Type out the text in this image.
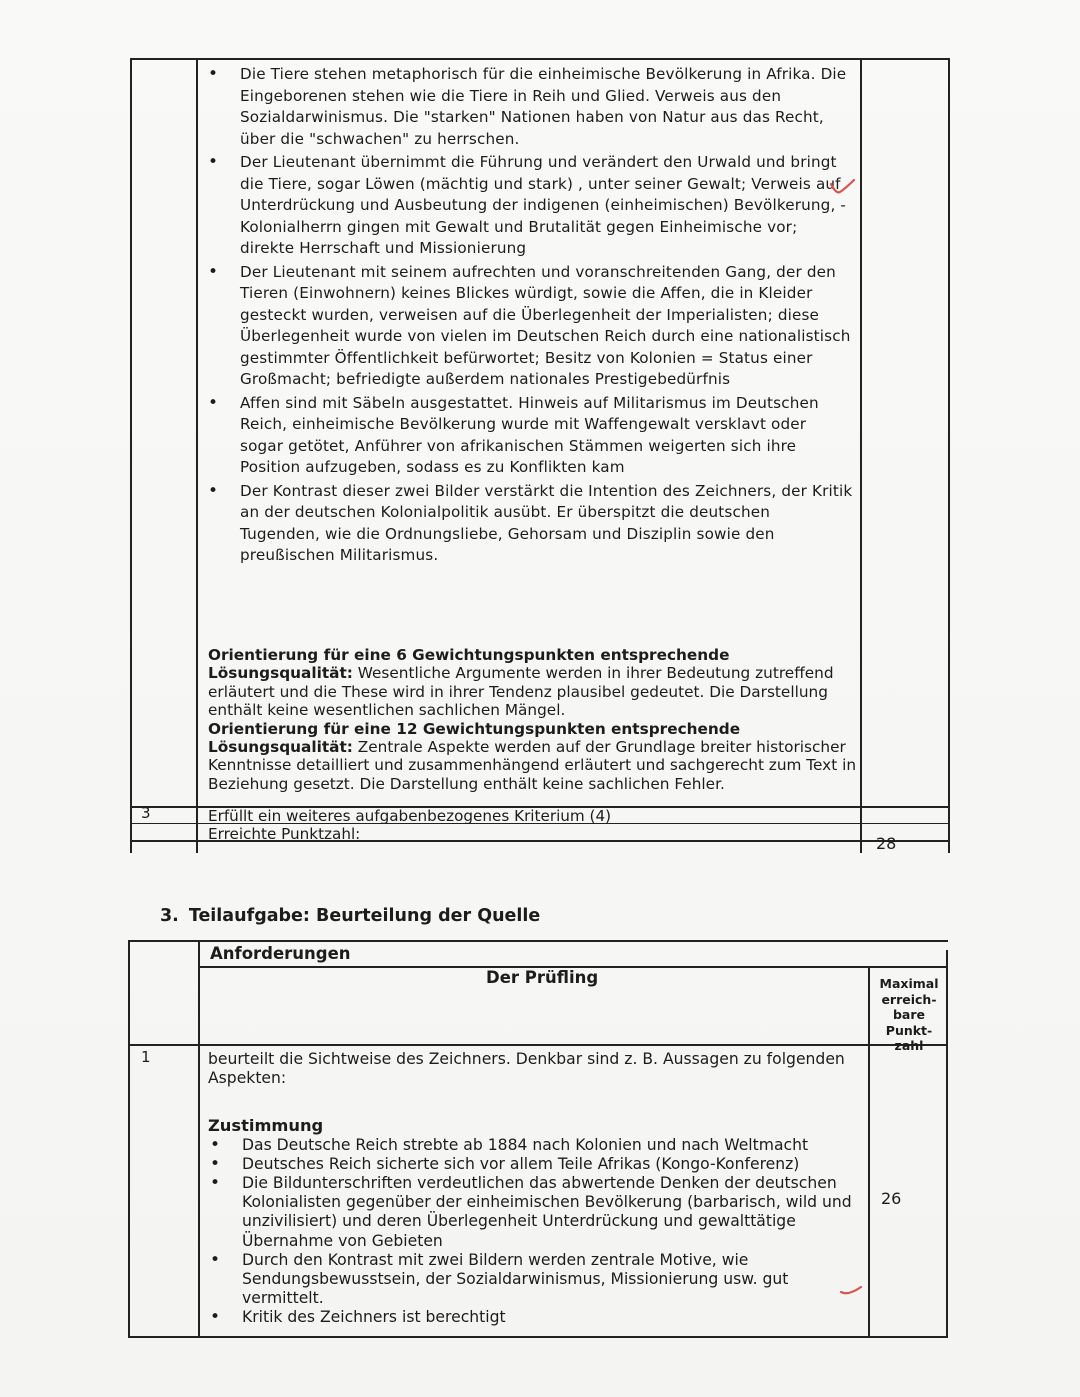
• Die Tiere stehen metaphorisch für die einheimische Bevölkerung in Afrika. Die Eingeborenen stehen wie die Tiere in Reih und Glied. Verweis aus den Sozialdarwinismus. Die "starken" Nationen haben von Natur aus das Recht, über die "schwachen" zu herrschen.
• Der Lieutenant übernimmt die Führung und verändert den Urwald und bringt die Tiere, sogar Löwen (mächtig und stark) , unter seiner Gewalt; Verweis auf Unterdrückung und Ausbeutung der indigenen (einheimischen) Bevölkerung, - Kolonialherrn gingen mit Gewalt und Brutalität gegen Einheimische vor; direkte Herrschaft und Missionierung
• Der Lieutenant mit seinem aufrechten und voranschreitenden Gang, der den Tieren (Einwohnern) keines Blickes würdigt, sowie die Affen, die in Kleider gesteckt wurden, verweisen auf die Überlegenheit der Imperialisten; diese Überlegenheit wurde von vielen im Deutschen Reich durch eine nationalistisch gestimmter Öffentlichkeit befürwortet; Besitz von Kolonien = Status einer Großmacht; befriedigte außerdem nationales Prestigebedürfnis
• Affen sind mit Säbeln ausgestattet. Hinweis auf Militarismus im Deutschen Reich, einheimische Bevölkerung wurde mit Waffengewalt versklavt oder sogar getötet, Anführer von afrikanischen Stämmen weigerten sich ihre Position aufzugeben, sodass es zu Konflikten kam
• Der Kontrast dieser zwei Bilder verstärkt die Intention des Zeichners, der Kritik an der deutschen Kolonialpolitik ausübt. Er überspitzt die deutschen Tugenden, wie die Ordnungsliebe, Gehorsam und Disziplin sowie den preußischen Militarismus.
Orientierung für eine 6 Gewichtungspunkten entsprechende Lösungsqualität: Wesentliche Argumente werden in ihrer Bedeutung zutreffend erläutert und die These wird in ihrer Tendenz plausibel gedeutet. Die Darstellung enthält keine wesentlichen sachlichen Mängel.
Orientierung für eine 12 Gewichtungspunkten entsprechende Lösungsqualität: Zentrale Aspekte werden auf der Grundlage breiter historischer Kenntnisse detailliert und zusammenhängend erläutert und sachgerecht zum Text in Beziehung gesetzt. Die Darstellung enthält keine sachlichen Fehler.
3	Erfüllt ein weiteres aufgabenbezogenes Kriterium (4)
Erreichte Punktzahl:	28
3. Teilaufgabe: Beurteilung der Quelle
Anforderungen
Der Prüfling	Maximal
erreich-
bare
Punkt-
zahl
1	beurteilt die Sichtweise des Zeichners. Denkbar sind z. B. Aussagen zu folgenden Aspekten:
Zustimmung
• Das Deutsche Reich strebte ab 1884 nach Kolonien und nach Weltmacht
• Deutsches Reich sicherte sich vor allem Teile Afrikas (Kongo-Konferenz)
• Die Bildunterschriften verdeutlichen das abwertende Denken der deutschen Kolonialisten gegenüber der einheimischen Bevölkerung (barbarisch, wild und unzivilisiert) und deren Überlegenheit Unterdrückung und gewalttätige Übernahme von Gebieten
• Durch den Kontrast mit zwei Bildern werden zentrale Motive, wie Sendungsbewusstsein, der Sozialdarwinismus, Missionierung usw. gut vermittelt.
• Kritik des Zeichners ist berechtigt
26
